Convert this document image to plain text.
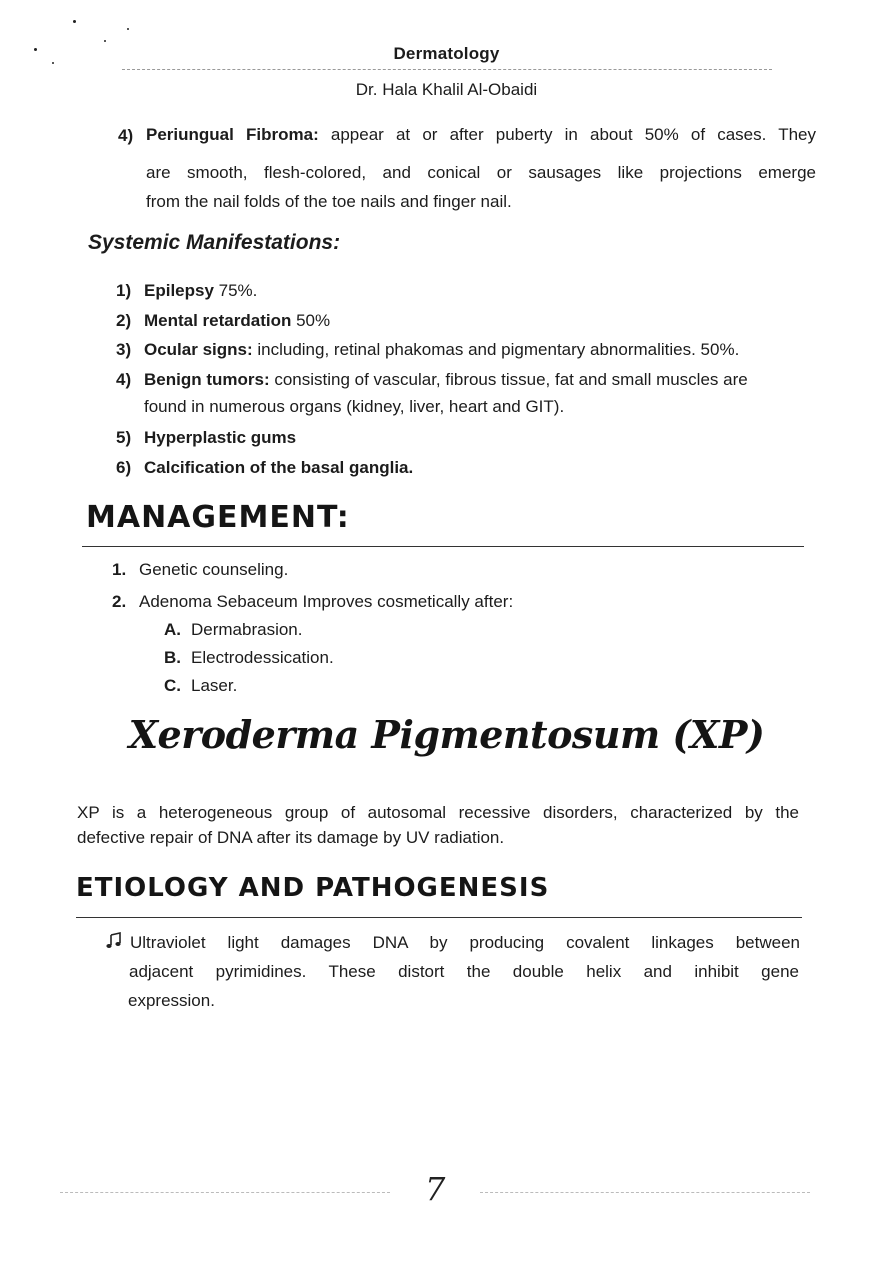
Dermatology
Dr. Hala Khalil Al-Obaidi
4) Periungual Fibroma: appear at or after puberty in about 50% of cases. They
are smooth, flesh-colored, and conical or sausages like projections emerge
from the nail folds of the toe nails and finger nail.
Systemic Manifestations:
1) Epilepsy 75%.
2) Mental retardation 50%
3) Ocular signs: including, retinal phakomas and pigmentary abnormalities. 50%.
4) Benign tumors: consisting of vascular, fibrous tissue, fat and small muscles are
found in numerous organs (kidney, liver, heart and GIT).
5) Hyperplastic gums
6) Calcification of the basal ganglia.
MANAGEMENT:
1. Genetic counseling.
2. Adenoma Sebaceum Improves cosmetically after:
A. Dermabrasion.
B. Electrodessication.
C. Laser.
Xeroderma Pigmentosum (XP)
XP is a heterogeneous group of autosomal recessive disorders, characterized by the
defective repair of DNA after its damage by UV radiation.
ETIOLOGY AND PATHOGENESIS
Ultraviolet light damages DNA by producing covalent linkages between
adjacent pyrimidines. These distort the double helix and inhibit gene
expression.
7
